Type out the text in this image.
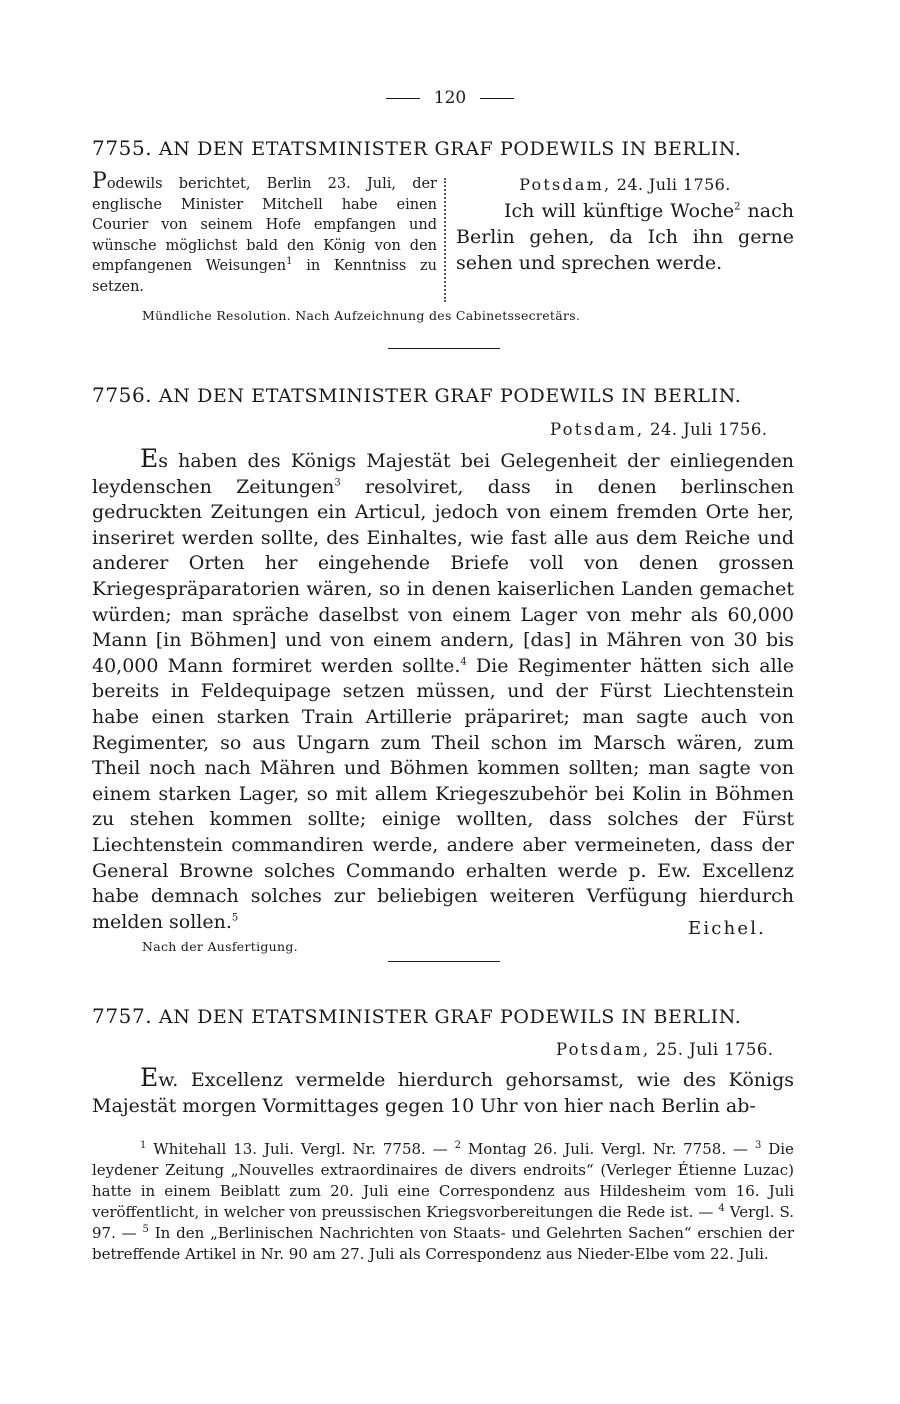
120
7755. AN DEN ETATSMINISTER GRAF PODEWILS IN BERLIN.
Podewils berichtet, Berlin 23. Juli, der englische Minister Mitchell habe einen Courier von seinem Hofe empfangen und wünsche möglichst bald den König von den empfangenen Weisungen$^1$ in Kenntniss zu setzen.
Potsdam, 24. Juli 1756.
Ich will künftige Woche$^2$ nach Berlin gehen, da Ich ihn gerne sehen und sprechen werde.
Mündliche Resolution. Nach Aufzeichnung des Cabinetssecretärs.
7756. AN DEN ETATSMINISTER GRAF PODEWILS IN BERLIN.
Potsdam, 24. Juli 1756.

Es haben des Königs Majestät bei Gelegenheit der einliegenden leydenschen Zeitungen$^3$ resolviret, dass in denen berlinschen gedruckten Zeitungen ein Articul, jedoch von einem fremden Orte her, inseriret werden sollte, des Einhaltes, wie fast alle aus dem Reiche und anderer Orten her eingehende Briefe voll von denen grossen Kriegespräparatorien wären, so in denen kaiserlichen Landen gemachet würden; man spräche daselbst von einem Lager von mehr als 60,000 Mann [in Böhmen] und von einem andern, [das] in Mähren von 30 bis 40,000 Mann formiret werden sollte.$^4$ Die Regimenter hätten sich alle bereits in Feldequipage setzen müssen, und der Fürst Liechtenstein habe einen starken Train Artillerie präpariret; man sagte auch von Regimenter, so aus Ungarn zum Theil schon im Marsch wären, zum Theil noch nach Mähren und Böhmen kommen sollten; man sagte von einem starken Lager, so mit allem Kriegeszubehör bei Kolin in Böhmen zu stehen kommen sollte; einige wollten, dass solches der Fürst Liechtenstein commandiren werde, andere aber vermeineten, dass der General Browne solches Commando erhalten werde p. Ew. Excellenz habe demnach solches zur beliebigen weiteren Verfügung hierdurch melden sollen.$^5$

Eichel.
Nach der Ausfertigung.
7757. AN DEN ETATSMINISTER GRAF PODEWILS IN BERLIN.
Potsdam, 25. Juli 1756.

Ew. Excellenz vermelde hierdurch gehorsamst, wie des Königs Majestät morgen Vormittages gegen 10 Uhr von hier nach Berlin ab-

$^1$ Whitehall 13. Juli. Vergl. Nr. 7758. — $^2$ Montag 26. Juli. Vergl. Nr. 7758. — $^3$ Die leydener Zeitung „Nouvelles extraordinaires de divers endroits“ (Verleger Étienne Luzac) hatte in einem Beiblatt zum 20. Juli eine Correspondenz aus Hildesheim vom 16. Juli veröffentlicht, in welcher von preussischen Kriegsvorbereitungen die Rede ist. — $^4$ Vergl. S. 97. — $^5$ In den „Berlinischen Nachrichten von Staats- und Gelehrten Sachen“ erschien der betreffende Artikel in Nr. 90 am 27. Juli als Correspondenz aus Nieder-Elbe vom 22. Juli.
